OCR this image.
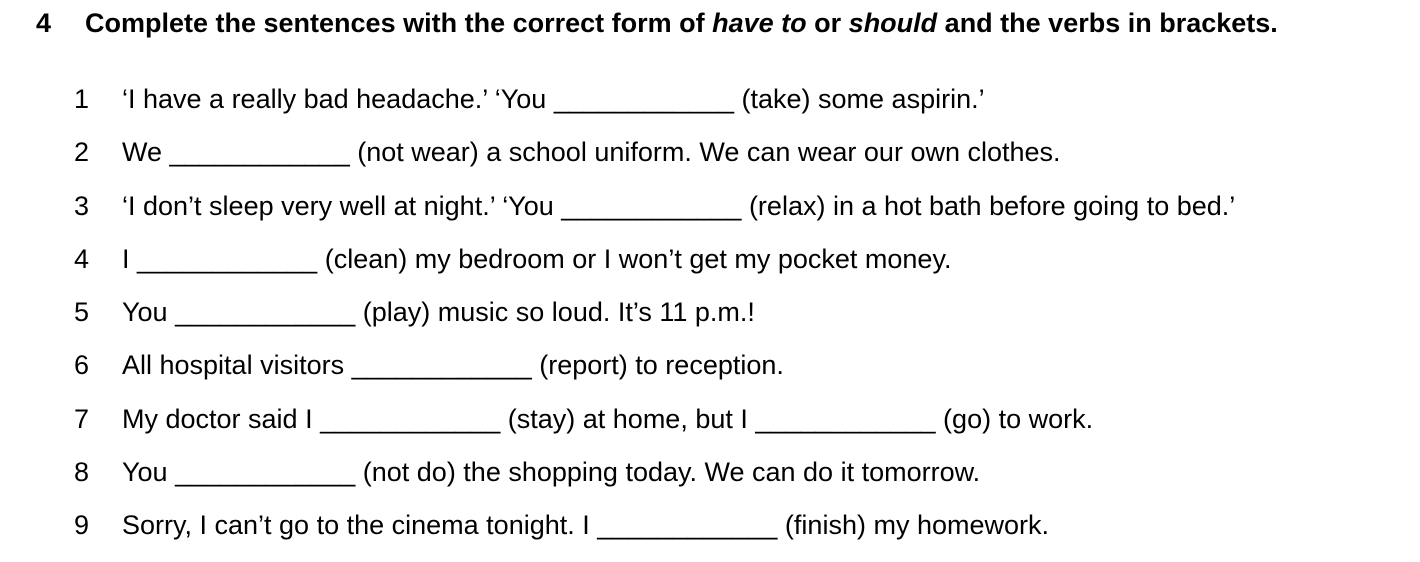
4 Complete the sentences with the correct form of have to or should and the verbs in brackets.
1 ‘I have a really bad headache.’ ‘You ____________ (take) some aspirin.’
2 We ____________ (not wear) a school uniform. We can wear our own clothes.
3 ‘I don’t sleep very well at night.’ ‘You ____________ (relax) in a hot bath before going to bed.’
4 I ____________ (clean) my bedroom or I won’t get my pocket money.
5 You ____________ (play) music so loud. It’s 11 p.m.!
6 All hospital visitors ____________ (report) to reception.
7 My doctor said I ____________ (stay) at home, but I ____________ (go) to work.
8 You ____________ (not do) the shopping today. We can do it tomorrow.
9 Sorry, I can’t go to the cinema tonight. I ____________ (finish) my homework.
